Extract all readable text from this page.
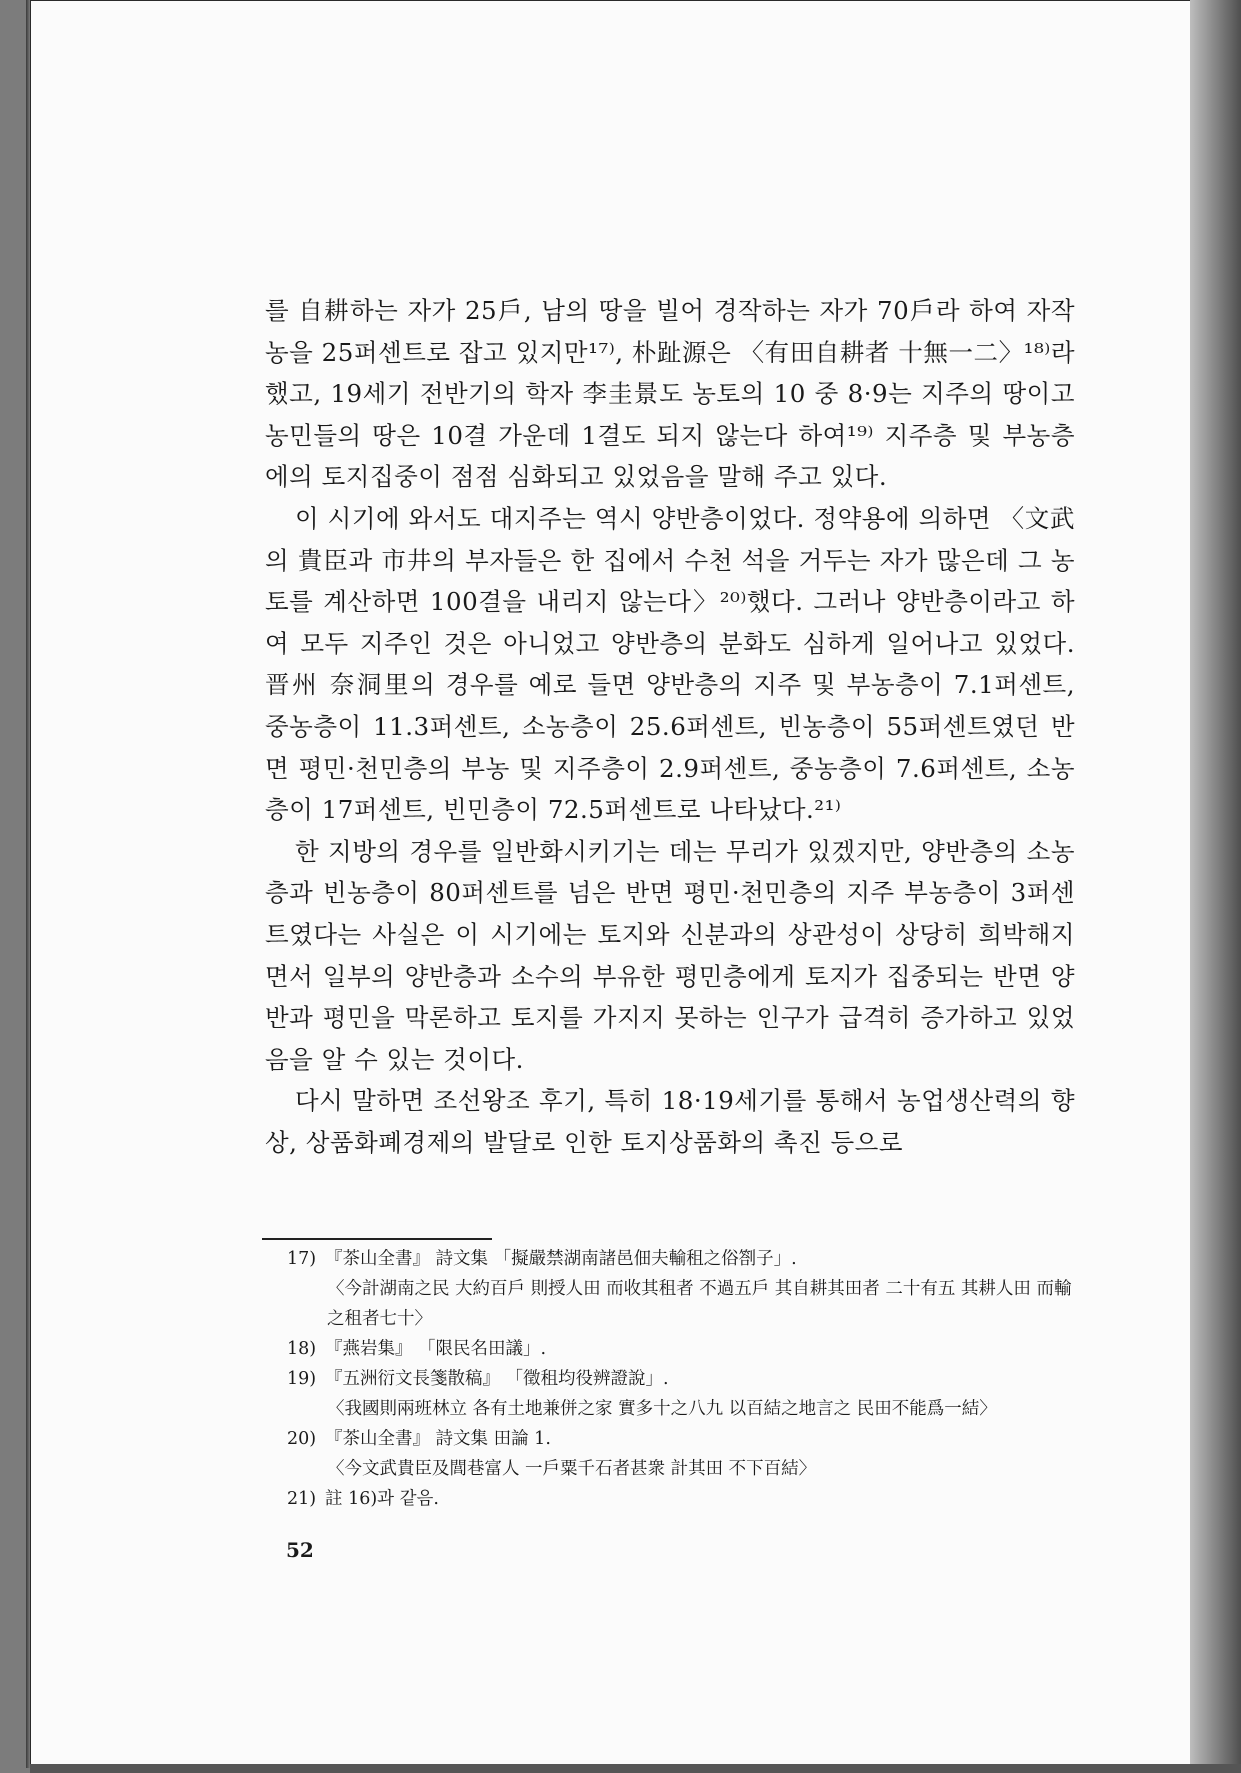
를 自耕하는 자가 25戶, 남의 땅을 빌어 경작하는 자가 70戶라 하여 자작농을 25퍼센트로 잡고 있지만¹⁷⁾, 朴趾源은 〈有田自耕者 十無一二〉¹⁸⁾라 했고, 19세기 전반기의 학자 李圭景도 농토의 10 중 8·9는 지주의 땅이고 농민들의 땅은 10결 가운데 1결도 되지 않는다 하여¹⁹⁾ 지주층 및 부농층에의 토지집중이 점점 심화되고 있었음을 말해 주고 있다.

이 시기에 와서도 대지주는 역시 양반층이었다. 정약용에 의하면 〈文武의 貴臣과 市井의 부자들은 한 집에서 수천 석을 거두는 자가 많은데 그 농토를 계산하면 100결을 내리지 않는다〉²⁰⁾했다. 그러나 양반층이라고 하여 모두 지주인 것은 아니었고 양반층의 분화도 심하게 일어나고 있었다. 晋州 奈洞里의 경우를 예로 들면 양반층의 지주 및 부농층이 7.1퍼센트, 중농층이 11.3퍼센트, 소농층이 25.6퍼센트, 빈농층이 55퍼센트였던 반면 평민·천민층의 부농 및 지주층이 2.9퍼센트, 중농층이 7.6퍼센트, 소농층이 17퍼센트, 빈민층이 72.5퍼센트로 나타났다.²¹⁾

한 지방의 경우를 일반화시키기는 데는 무리가 있겠지만, 양반층의 소농층과 빈농층이 80퍼센트를 넘은 반면 평민·천민층의 지주 부농층이 3퍼센트였다는 사실은 이 시기에는 토지와 신분과의 상관성이 상당히 희박해지면서 일부의 양반층과 소수의 부유한 평민층에게 토지가 집중되는 반면 양반과 평민을 막론하고 토지를 가지지 못하는 인구가 급격히 증가하고 있었음을 알 수 있는 것이다.

다시 말하면 조선왕조 후기, 특히 18·19세기를 통해서 농업생산력의 향상, 상품화폐경제의 발달로 인한 토지상품화의 촉진 등으로

17) 『茶山全書』 詩文集 「擬嚴禁湖南諸邑佃夫輸租之俗劄子」.

〈今計湖南之民 大約百戶 則授人田 而收其租者 不過五戶 其自耕其田者 二十有五 其耕人田 而輸之租者七十〉

18) 『燕岩集』 「限民名田議」.

19) 『五洲衍文長箋散稿』 「徵租均役辨證說」.

〈我國則兩班林立 各有土地兼併之家 實多十之八九 以百結之地言之 民田不能爲一結〉

20) 『茶山全書』 詩文集 田論 1.

〈今文武貴臣及閭巷富人 一戶粟千石者甚衆 計其田 不下百結〉

21) 註 16)과 같음.

52
